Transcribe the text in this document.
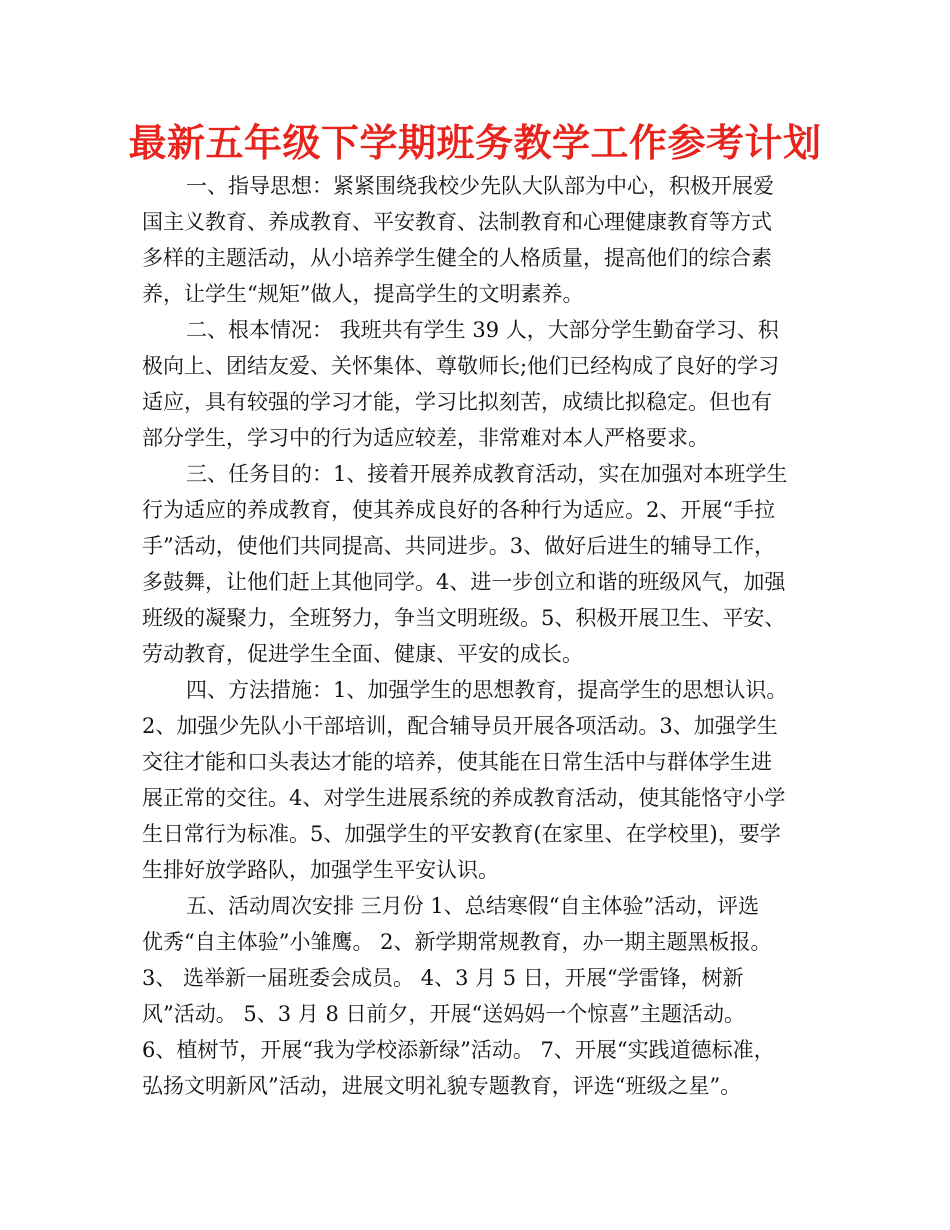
最新五年级下学期班务教学工作参考计划
一、指导思想：紧紧围绕我校少先队大队部为中心，积极开展爱
国主义教育、养成教育、平安教育、法制教育和心理健康教育等方式
多样的主题活动，从小培养学生健全的人格质量，提高他们的综合素
养，让学生“规矩”做人，提高学生的文明素养。
二、根本情况： 我班共有学生 39 人，大部分学生勤奋学习、积
极向上、团结友爱、关怀集体、尊敬师长;他们已经构成了良好的学习
适应，具有较强的学习才能，学习比拟刻苦，成绩比拟稳定。但也有
部分学生，学习中的行为适应较差，非常难对本人严格要求。
三、任务目的：1、接着开展养成教育活动，实在加强对本班学生
行为适应的养成教育，使其养成良好的各种行为适应。2、开展“手拉
手”活动，使他们共同提高、共同进步。3、做好后进生的辅导工作，
多鼓舞，让他们赶上其他同学。4、进一步创立和谐的班级风气，加强
班级的凝聚力，全班努力，争当文明班级。5、积极开展卫生、平安、
劳动教育，促进学生全面、健康、平安的成长。
四、方法措施：1、加强学生的思想教育，提高学生的思想认识。
2、加强少先队小干部培训，配合辅导员开展各项活动。3、加强学生
交往才能和口头表达才能的培养，使其能在日常生活中与群体学生进
展正常的交往。4、对学生进展系统的养成教育活动，使其能恪守小学
生日常行为标准。5、加强学生的平安教育(在家里、在学校里)，要学
生排好放学路队，加强学生平安认识。
五、活动周次安排 三月份 1、总结寒假“自主体验”活动，评选
优秀“自主体验”小雏鹰。 2、新学期常规教育，办一期主题黑板报。
3、 选举新一届班委会成员。 4、3 月 5 日，开展“学雷锋，树新
风”活动。 5、3 月 8 日前夕，开展“送妈妈一个惊喜”主题活动。
6、植树节，开展“我为学校添新绿”活动。 7、开展“实践道德标准，
弘扬文明新风”活动，进展文明礼貌专题教育，评选“班级之星”。
